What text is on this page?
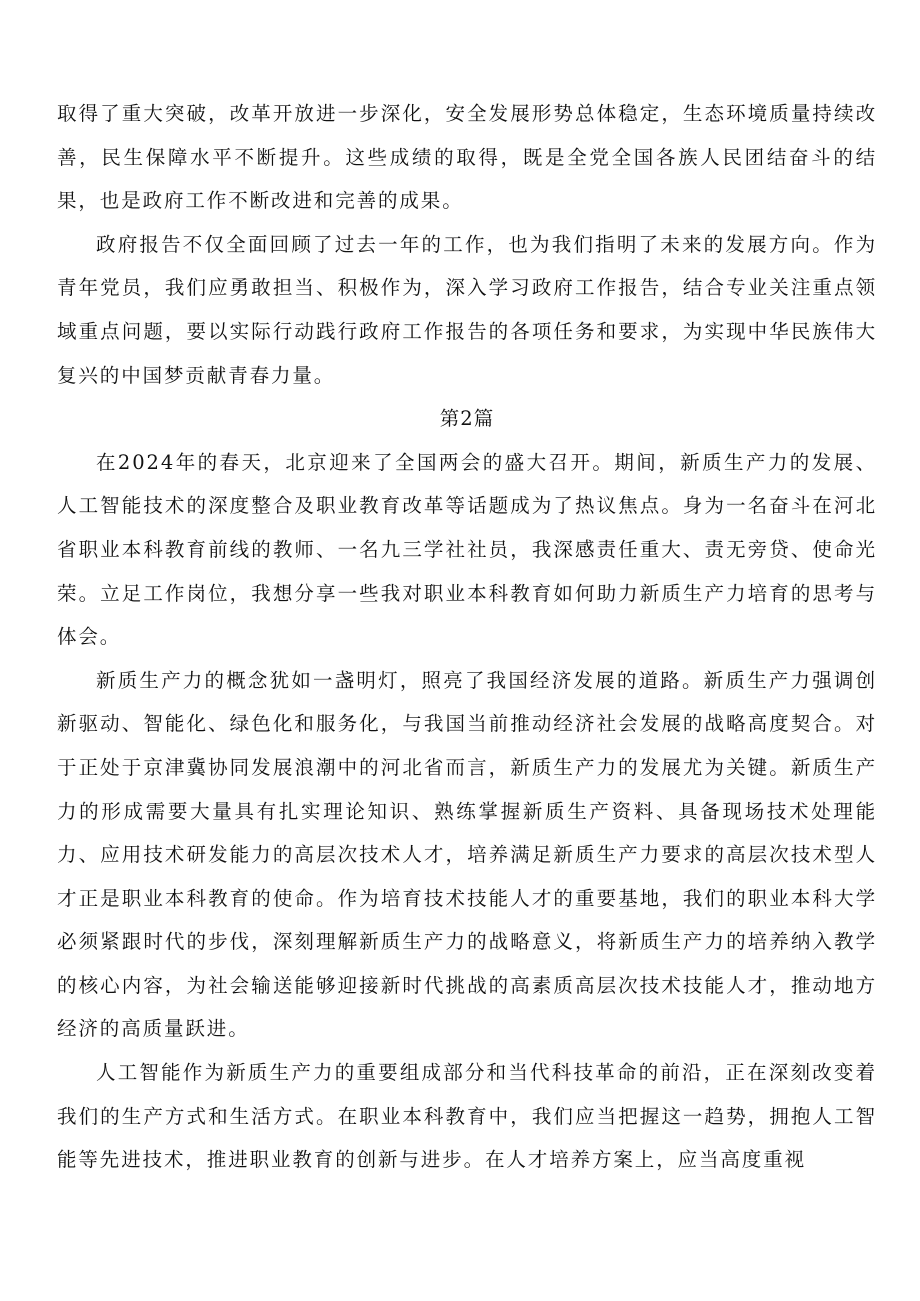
取得了重大突破，改革开放进一步深化，安全发展形势总体稳定，生态环境质量持续改善，民生保障水平不断提升。这些成绩的取得，既是全党全国各族人民团结奋斗的结果，也是政府工作不断改进和完善的成果。

政府报告不仅全面回顾了过去一年的工作，也为我们指明了未来的发展方向。作为青年党员，我们应勇敢担当、积极作为，深入学习政府工作报告，结合专业关注重点领域重点问题，要以实际行动践行政府工作报告的各项任务和要求，为实现中华民族伟大复兴的中国梦贡献青春力量。

第2篇

在2024年的春天，北京迎来了全国两会的盛大召开。期间，新质生产力的发展、人工智能技术的深度整合及职业教育改革等话题成为了热议焦点。身为一名奋斗在河北省职业本科教育前线的教师、一名九三学社社员，我深感责任重大、责无旁贷、使命光荣。立足工作岗位，我想分享一些我对职业本科教育如何助力新质生产力培育的思考与体会。

新质生产力的概念犹如一盏明灯，照亮了我国经济发展的道路。新质生产力强调创新驱动、智能化、绿色化和服务化，与我国当前推动经济社会发展的战略高度契合。对于正处于京津冀协同发展浪潮中的河北省而言，新质生产力的发展尤为关键。新质生产力的形成需要大量具有扎实理论知识、熟练掌握新质生产资料、具备现场技术处理能力、应用技术研发能力的高层次技术人才，培养满足新质生产力要求的高层次技术型人才正是职业本科教育的使命。作为培育技术技能人才的重要基地，我们的职业本科大学必须紧跟时代的步伐，深刻理解新质生产力的战略意义，将新质生产力的培养纳入教学的核心内容，为社会输送能够迎接新时代挑战的高素质高层次技术技能人才，推动地方经济的高质量跃进。

人工智能作为新质生产力的重要组成部分和当代科技革命的前沿，正在深刻改变着我们的生产方式和生活方式。在职业本科教育中，我们应当把握这一趋势，拥抱人工智能等先进技术，推进职业教育的创新与进步。在人才培养方案上，应当高度重视
